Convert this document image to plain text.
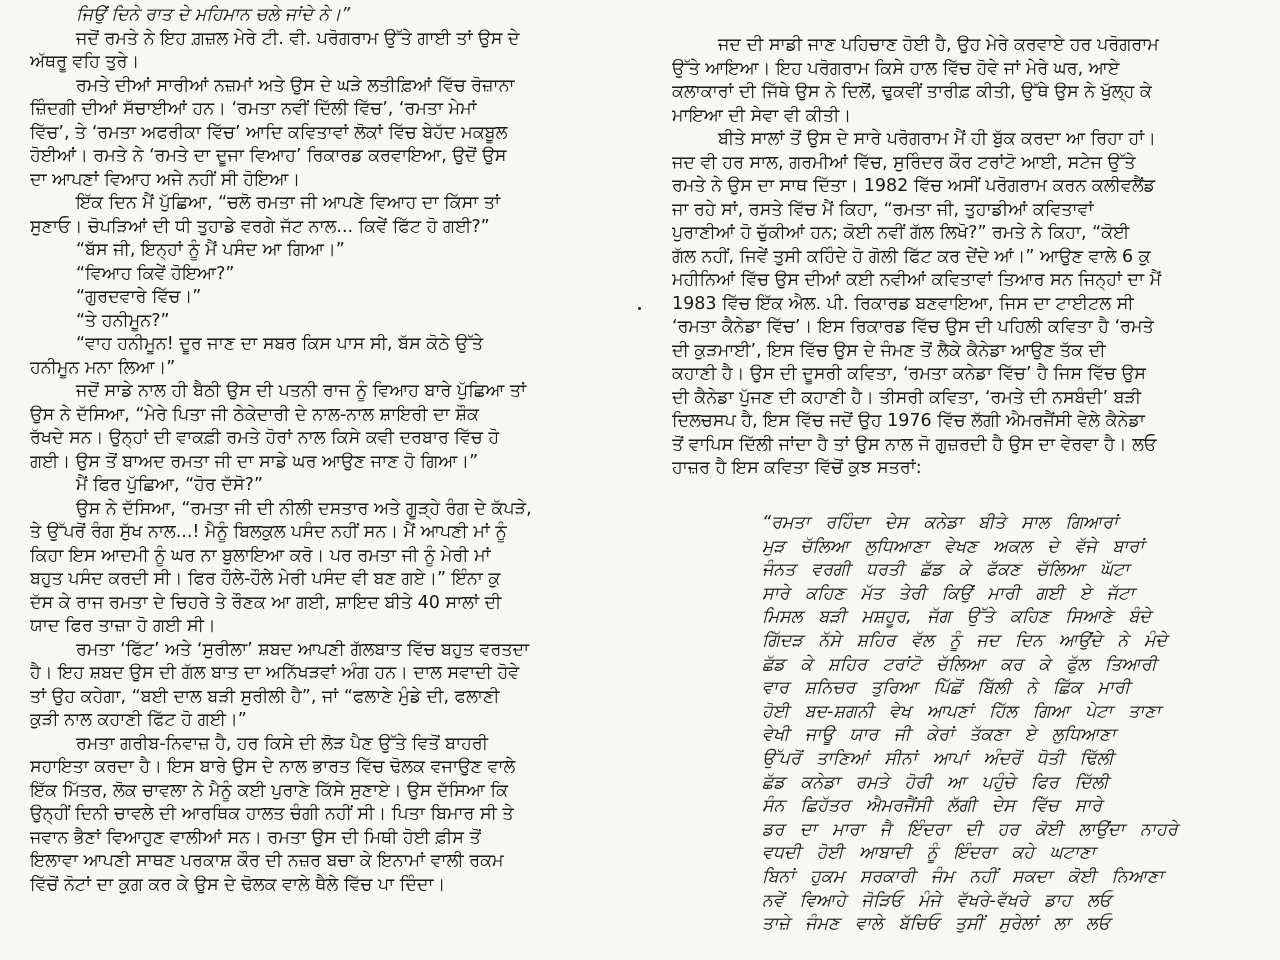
ਜਿਉਂ ਦਿਨੇ ਰਾਤ ਦੇ ਮਹਿਮਾਨ ਚਲੇ ਜਾਂਦੇ ਨੇ।”
ਜਦੋਂ ਰਮਤੇ ਨੇ ਇਹ ਗ਼ਜ਼ਲ ਮੇਰੇ ਟੀ. ਵੀ. ਪਰੋਗਰਾਮ ਉੱਤੇ ਗਾਈ ਤਾਂ ਉਸ ਦੇ
ਅੱਥਰੂ ਵਹਿ ਤੁਰੇ।
ਰਮਤੇ ਦੀਆਂ ਸਾਰੀਆਂ ਨਜ਼ਮਾਂ ਅਤੇ ਉਸ ਦੇ ਘੜੇ ਲਤੀਫ਼ਿਆਂ ਵਿੱਚ ਰੋਜ਼ਾਨਾ
ਜ਼ਿੰਦਗੀ ਦੀਆਂ ਸੱਚਾਈਆਂ ਹਨ। ‘ਰਮਤਾ ਨਵੀਂ ਦਿੱਲੀ ਵਿੱਚ’, ‘ਰਮਤਾ ਮੇਮਾਂ
ਵਿੱਚ’, ਤੇ ‘ਰਮਤਾ ਅਫਰੀਕਾ ਵਿੱਚ’ ਆਦਿ ਕਵਿਤਾਵਾਂ ਲੋਕਾਂ ਵਿੱਚ ਬੇਹੱਦ ਮਕਬੂਲ
ਹੋਈਆਂ। ਰਮਤੇ ਨੇ ‘ਰਮਤੇ ਦਾ ਦੂਜਾ ਵਿਆਹ’ ਰਿਕਾਰਡ ਕਰਵਾਇਆ, ਉਦੋਂ ਉਸ
ਦਾ ਆਪਣਾਂ ਵਿਆਹ ਅਜੇ ਨਹੀਂ ਸੀ ਹੋਇਆ।
ਇੱਕ ਦਿਨ ਮੈਂ ਪੁੱਛਿਆ, “ਚਲੋ ਰਮਤਾ ਜੀ ਆਪਣੇ ਵਿਆਹ ਦਾ ਕਿੱਸਾ ਤਾਂ
ਸੁਣਾਓ। ਚੋਪੜਿਆਂ ਦੀ ਧੀ ਤੁਹਾਡੇ ਵਰਗੇ ਜੱਟ ਨਾਲ... ਕਿਵੇਂ ਫਿੱਟ ਹੋ ਗਈ?”
“ਬੱਸ ਜੀ, ਇਨ੍ਹਾਂ ਨੂੰ ਮੈਂ ਪਸੰਦ ਆ ਗਿਆ।”
“ਵਿਆਹ ਕਿਵੇਂ ਹੋਇਆ?”
“ਗੁਰਦਵਾਰੇ ਵਿੱਚ।”
“ਤੇ ਹਨੀਮੂਨ?”
“ਵਾਹ ਹਨੀਮੂਨ! ਦੂਰ ਜਾਣ ਦਾ ਸਬਰ ਕਿਸ ਪਾਸ ਸੀ, ਬੱਸ ਕੋਠੇ ਉੱਤੇ
ਹਨੀਮੂਨ ਮਨਾ ਲਿਆ।”
ਜਦੋਂ ਸਾਡੇ ਨਾਲ ਹੀ ਬੈਠੀ ਉਸ ਦੀ ਪਤਨੀ ਰਾਜ ਨੂੰ ਵਿਆਹ ਬਾਰੇ ਪੁੱਛਿਆ ਤਾਂ
ਉਸ ਨੇ ਦੱਸਿਆ, “ਮੇਰੇ ਪਿਤਾ ਜੀ ਠੇਕੇਦਾਰੀ ਦੇ ਨਾਲ-ਨਾਲ ਸ਼ਾਇਰੀ ਦਾ ਸ਼ੌਕ
ਰੱਖਦੇ ਸਨ। ਉਨ੍ਹਾਂ ਦੀ ਵਾਕਫ਼ੀ ਰਮਤੇ ਹੋਰਾਂ ਨਾਲ ਕਿਸੇ ਕਵੀ ਦਰਬਾਰ ਵਿੱਚ ਹੋ
ਗਈ। ਉਸ ਤੋਂ ਬਾਅਦ ਰਮਤਾ ਜੀ ਦਾ ਸਾਡੇ ਘਰ ਆਉਣ ਜਾਣ ਹੋ ਗਿਆ।”
ਮੈਂ ਫਿਰ ਪੁੱਛਿਆ, “ਹੋਰ ਦੱਸੋ?”
ਉਸ ਨੇ ਦੱਸਿਆ, “ਰਮਤਾ ਜੀ ਦੀ ਨੀਲੀ ਦਸਤਾਰ ਅਤੇ ਗੂੜ੍ਹੇ ਰੰਗ ਦੇ ਕੱਪੜੇ,
ਤੇ ਉੱਪਰੋਂ ਰੰਗ ਸੁੱਖ ਨਾਲ...! ਮੈਨੂੰ ਬਿਲਕੁਲ ਪਸੰਦ ਨਹੀਂ ਸਨ। ਮੈਂ ਆਪਣੀ ਮਾਂ ਨੂੰ
ਕਿਹਾ ਇਸ ਆਦਮੀ ਨੂੰ ਘਰ ਨਾ ਬੁਲਾਇਆ ਕਰੋ। ਪਰ ਰਮਤਾ ਜੀ ਨੂੰ ਮੇਰੀ ਮਾਂ
ਬਹੁਤ ਪਸੰਦ ਕਰਦੀ ਸੀ। ਫਿਰ ਹੌਲੇ-ਹੌਲੇ ਮੇਰੀ ਪਸੰਦ ਵੀ ਬਣ ਗਏ।” ਇੰਨਾ ਕੁ
ਦੱਸ ਕੇ ਰਾਜ ਰਮਤਾ ਦੇ ਚਿਹਰੇ ਤੇ ਰੌਣਕ ਆ ਗਈ, ਸ਼ਾਇਦ ਬੀਤੇ 40 ਸਾਲਾਂ ਦੀ
ਯਾਦ ਫਿਰ ਤਾਜ਼ਾ ਹੋ ਗਈ ਸੀ।
ਰਮਤਾ ‘ਫਿੱਟ’ ਅਤੇ ‘ਸੁਰੀਲਾ’ ਸ਼ਬਦ ਆਪਣੀ ਗੱਲਬਾਤ ਵਿੱਚ ਬਹੁਤ ਵਰਤਦਾ
ਹੈ। ਇਹ ਸ਼ਬਦ ਉਸ ਦੀ ਗੱਲ ਬਾਤ ਦਾ ਅਨਿੱਖੜਵਾਂ ਅੰਗ ਹਨ। ਦਾਲ ਸਵਾਦੀ ਹੋਵੇ
ਤਾਂ ਉਹ ਕਹੇਗਾ, “ਬਈ ਦਾਲ ਬੜੀ ਸੁਰੀਲੀ ਹੈ”, ਜਾਂ “ਫਲਾਣੇ ਮੁੰਡੇ ਦੀ, ਫਲਾਣੀ
ਕੁੜੀ ਨਾਲ ਕਹਾਣੀ ਫਿੱਟ ਹੋ ਗਈ।”
ਰਮਤਾ ਗਰੀਬ-ਨਿਵਾਜ਼ ਹੈ, ਹਰ ਕਿਸੇ ਦੀ ਲੋੜ ਪੈਣ ਉੱਤੇ ਵਿਤੋਂ ਬਾਹਰੀ
ਸਹਾਇਤਾ ਕਰਦਾ ਹੈ। ਇਸ ਬਾਰੇ ਉਸ ਦੇ ਨਾਲ ਭਾਰਤ ਵਿੱਚ ਢੋਲਕ ਵਜਾਉਣ ਵਾਲੇ
ਇੱਕ ਮਿੱਤਰ, ਲੋਕ ਚਾਵਲਾ ਨੇ ਮੈਨੂੰ ਕਈ ਪੁਰਾਣੇ ਕਿੱਸੇ ਸੁਣਾਏ। ਉਸ ਦੱਸਿਆ ਕਿ
ਉਨ੍ਹੀਂ ਦਿਨੀ ਚਾਵਲੇ ਦੀ ਆਰਥਿਕ ਹਾਲਤ ਚੰਗੀ ਨਹੀਂ ਸੀ। ਪਿਤਾ ਬਿਮਾਰ ਸੀ ਤੇ
ਜਵਾਨ ਭੈਣਾਂ ਵਿਆਹੁਣ ਵਾਲੀਆਂ ਸਨ। ਰਮਤਾ ਉਸ ਦੀ ਮਿਥੀ ਹੋਈ ਫ਼ੀਸ ਤੋਂ
ਇਲਾਵਾ ਆਪਣੀ ਸਾਥਣ ਪਰਕਾਸ਼ ਕੌਰ ਦੀ ਨਜ਼ਰ ਬਚਾ ਕੇ ਇਨਾਮਾਂ ਵਾਲੀ ਰਕਮ
ਵਿੱਚੋਂ ਨੋਟਾਂ ਦਾ ਕੁਗ ਕਰ ਕੇ ਉਸ ਦੇ ਢੋਲਕ ਵਾਲੇ ਥੈਲੇ ਵਿੱਚ ਪਾ ਦਿੰਦਾ।
ਜਦ ਦੀ ਸਾਡੀ ਜਾਣ ਪਹਿਚਾਣ ਹੋਈ ਹੈ, ਉਹ ਮੇਰੇ ਕਰਵਾਏ ਹਰ ਪਰੋਗਰਾਮ
ਉੱਤੇ ਆਇਆ। ਇਹ ਪਰੋਗਰਾਮ ਕਿਸੇ ਹਾਲ ਵਿੱਚ ਹੋਵੇ ਜਾਂ ਮੇਰੇ ਘਰ, ਆਏ
ਕਲਾਕਾਰਾਂ ਦੀ ਜਿੱਥੇ ਉਸ ਨੇ ਦਿਲੋਂ, ਢੁਕਵੀਂ ਤਾਰੀਫ਼ ਕੀਤੀ, ਉੱਥੇ ਉਸ ਨੇ ਖੁੱਲ੍ਹ ਕੇ
ਮਾਇਆ ਦੀ ਸੇਵਾ ਵੀ ਕੀਤੀ।
ਬੀਤੇ ਸਾਲਾਂ ਤੋਂ ਉਸ ਦੇ ਸਾਰੇ ਪਰੋਗਰਾਮ ਮੈਂ ਹੀ ਬੁੱਕ ਕਰਦਾ ਆ ਰਿਹਾ ਹਾਂ।
ਜਦ ਵੀ ਹਰ ਸਾਲ, ਗਰਮੀਆਂ ਵਿੱਚ, ਸੁਰਿੰਦਰ ਕੌਰ ਟਰਾਂਟੋ ਆਈ, ਸਟੇਜ ਉੱਤੇ
ਰਮਤੇ ਨੇ ਉਸ ਦਾ ਸਾਥ ਦਿੱਤਾ। 1982 ਵਿੱਚ ਅਸੀਂ ਪਰੋਗਰਾਮ ਕਰਨ ਕਲੀਵਲੈਂਡ
ਜਾ ਰਹੇ ਸਾਂ, ਰਸਤੇ ਵਿੱਚ ਮੈਂ ਕਿਹਾ, “ਰਮਤਾ ਜੀ, ਤੁਹਾਡੀਆਂ ਕਵਿਤਾਵਾਂ
ਪੁਰਾਣੀਆਂ ਹੋ ਚੁੱਕੀਆਂ ਹਨ; ਕੋਈ ਨਵੀਂ ਗੱਲ ਲਿਖੋ?” ਰਮਤੇ ਨੇ ਕਿਹਾ, “ਕੋਈ
ਗੱਲ ਨਹੀਂ, ਜਿਵੇਂ ਤੁਸੀ ਕਹਿੰਦੇ ਹੋ ਗੋਲੀ ਫਿੱਟ ਕਰ ਦੇਂਦੇ ਆਂ।” ਆਉਣ ਵਾਲੇ 6 ਕੁ
ਮਹੀਨਿਆਂ ਵਿੱਚ ਉਸ ਦੀਆਂ ਕਈ ਨਵੀਆਂ ਕਵਿਤਾਵਾਂ ਤਿਆਰ ਸਨ ਜਿਨ੍ਹਾਂ ਦਾ ਮੈਂ
1983 ਵਿੱਚ ਇੱਕ ਐਲ. ਪੀ. ਰਿਕਾਰਡ ਬਣਵਾਇਆ, ਜਿਸ ਦਾ ਟਾਈਟਲ ਸੀ
‘ਰਮਤਾ ਕੈਨੇਡਾ ਵਿੱਚ’। ਇਸ ਰਿਕਾਰਡ ਵਿੱਚ ਉਸ ਦੀ ਪਹਿਲੀ ਕਵਿਤਾ ਹੈ ‘ਰਮਤੇ
ਦੀ ਕੁੜਮਾਈ’, ਇਸ ਵਿੱਚ ਉਸ ਦੇ ਜੰਮਣ ਤੋਂ ਲੈਕੇ ਕੈਨੇਡਾ ਆਉਣ ਤੱਕ ਦੀ
ਕਹਾਣੀ ਹੈ। ਉਸ ਦੀ ਦੂਸਰੀ ਕਵਿਤਾ, ‘ਰਮਤਾ ਕਨੇਡਾ ਵਿੱਚ’ ਹੈ ਜਿਸ ਵਿੱਚ ਉਸ
ਦੀ ਕੈਨੇਡਾ ਪੁੱਜਣ ਦੀ ਕਹਾਣੀ ਹੈ। ਤੀਸਰੀ ਕਵਿਤਾ, ‘ਰਮਤੇ ਦੀ ਨਸਬੰਦੀ’ ਬੜੀ
ਦਿਲਚਸਪ ਹੈ, ਇਸ ਵਿੱਚ ਜਦੋਂ ਉਹ 1976 ਵਿੱਚ ਲੱਗੀ ਐਮਰਜੈਂਸੀ ਵੇਲੇ ਕੈਨੇਡਾ
ਤੋਂ ਵਾਪਿਸ ਦਿੱਲੀ ਜਾਂਦਾ ਹੈ ਤਾਂ ਉਸ ਨਾਲ ਜੋ ਗੁਜ਼ਰਦੀ ਹੈ ਉਸ ਦਾ ਵੇਰਵਾ ਹੈ। ਲਓ
ਹਾਜ਼ਰ ਹੈ ਇਸ ਕਵਿਤਾ ਵਿੱਚੋਂ ਕੁਝ ਸਤਰਾਂ:
“ਰਮਤਾ ਰਹਿੰਦਾ ਦੇਸ ਕਨੇਡਾ ਬੀਤੇ ਸਾਲ ਗਿਆਰਾਂ
ਮੁੜ ਚੱਲਿਆ ਲੁਧਿਆਣਾ ਵੇਖਣ ਅਕਲ ਦੇ ਵੱਜੇ ਬਾਰਾਂ
ਜੰਨਤ ਵਰਗੀ ਧਰਤੀ ਛੱਡ ਕੇ ਫੱਕਣ ਚੱਲਿਆ ਘੱਟਾ
ਸਾਰੇ ਕਹਿਣ ਮੱਤ ਤੇਰੀ ਕਿਉਂ ਮਾਰੀ ਗਈ ਏ ਜੱਟਾ
ਮਿਸਲ ਬੜੀ ਮਸ਼ਹੂਰ, ਜੱਗ ਉੱਤੇ ਕਹਿਣ ਸਿਆਣੇ ਬੰਦੇ
ਗਿੱਦੜ ਨੱਸੇ ਸ਼ਹਿਰ ਵੱਲ ਨੂੰ ਜਦ ਦਿਨ ਆਉਂਦੇ ਨੇ ਮੰਦੇ
ਛੱਡ ਕੇ ਸ਼ਹਿਰ ਟਰਾਂਟੋ ਚੱਲਿਆ ਕਰ ਕੇ ਫੁੱਲ ਤਿਆਰੀ
ਵਾਰ ਸ਼ਨਿਚਰ ਤੁਰਿਆ ਪਿੱਛੋਂ ਬਿੱਲੀ ਨੇ ਛਿੱਕ ਮਾਰੀ
ਹੋਈ ਬਦ-ਸ਼ਗਨੀ ਵੇਖ ਆਪਣਾਂ ਹਿੱਲ ਗਿਆ ਪੇਟਾ ਤਾਣਾ
ਵੇਖੀ ਜਾਊ ਯਾਰ ਜੀ ਕੇਰਾਂ ਤੱਕਣਾ ਏ ਲੁਧਿਆਣਾ
ਉੱਪਰੋਂ ਤਾਣਿਆਂ ਸੀਨਾਂ ਆਪਾਂ ਅੰਦਰੋਂ ਧੋਤੀ ਢਿੱਲੀ
ਛੱਡ ਕਨੇਡਾ ਰਮਤੇ ਹੋਰੀ ਆ ਪਹੁੰਚੇ ਫਿਰ ਦਿੱਲੀ
ਸੰਨ ਛਿਹੱਤਰ ਐਮਰਜੈਂਸੀ ਲੱਗੀ ਦੇਸ ਵਿੱਚ ਸਾਰੇ
ਡਰ ਦਾ ਮਾਰਾ ਜੈ ਇੰਦਰਾ ਦੀ ਹਰ ਕੋਈ ਲਾਉਂਦਾ ਨਾਹਰੇ
ਵਧਦੀ ਹੋਈ ਆਬਾਦੀ ਨੂੰ ਇੰਦਰਾ ਕਹੇ ਘਟਾਣਾ
ਬਿਨਾਂ ਹੁਕਮ ਸਰਕਾਰੀ ਜੰਮ ਨਹੀਂ ਸਕਦਾ ਕੋਈ ਨਿਆਣਾ
ਨਵੇਂ ਵਿਆਹੇ ਜੋੜਿਓ ਮੰਜੇ ਵੱਖਰੇ-ਵੱਖਰੇ ਡਾਹ ਲਓ
ਤਾਜ਼ੇ ਜੰਮਣ ਵਾਲੇ ਬੱਚਿਓ ਤੁਸੀਂ ਸੁਰੇਲਾਂ ਲਾ ਲਓ
